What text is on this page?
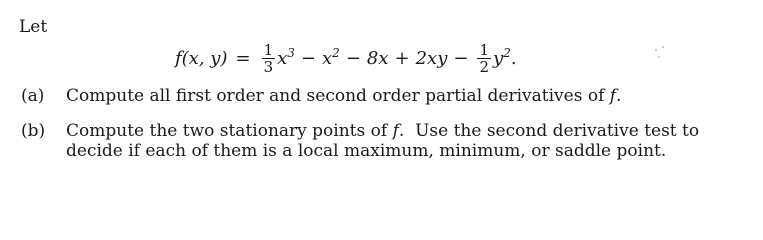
Let
f(x, $y) = \frac{1}{3} x^3 - x^2 - 8x + 2xy - \frac{1}{2} y^2$ .
(a)	Compute all first order and second order partial derivatives of f.
(b)	Compute the two stationary points of f.  Use the second derivative test to
decide if each of them is a local maximum, minimum, or saddle point.
